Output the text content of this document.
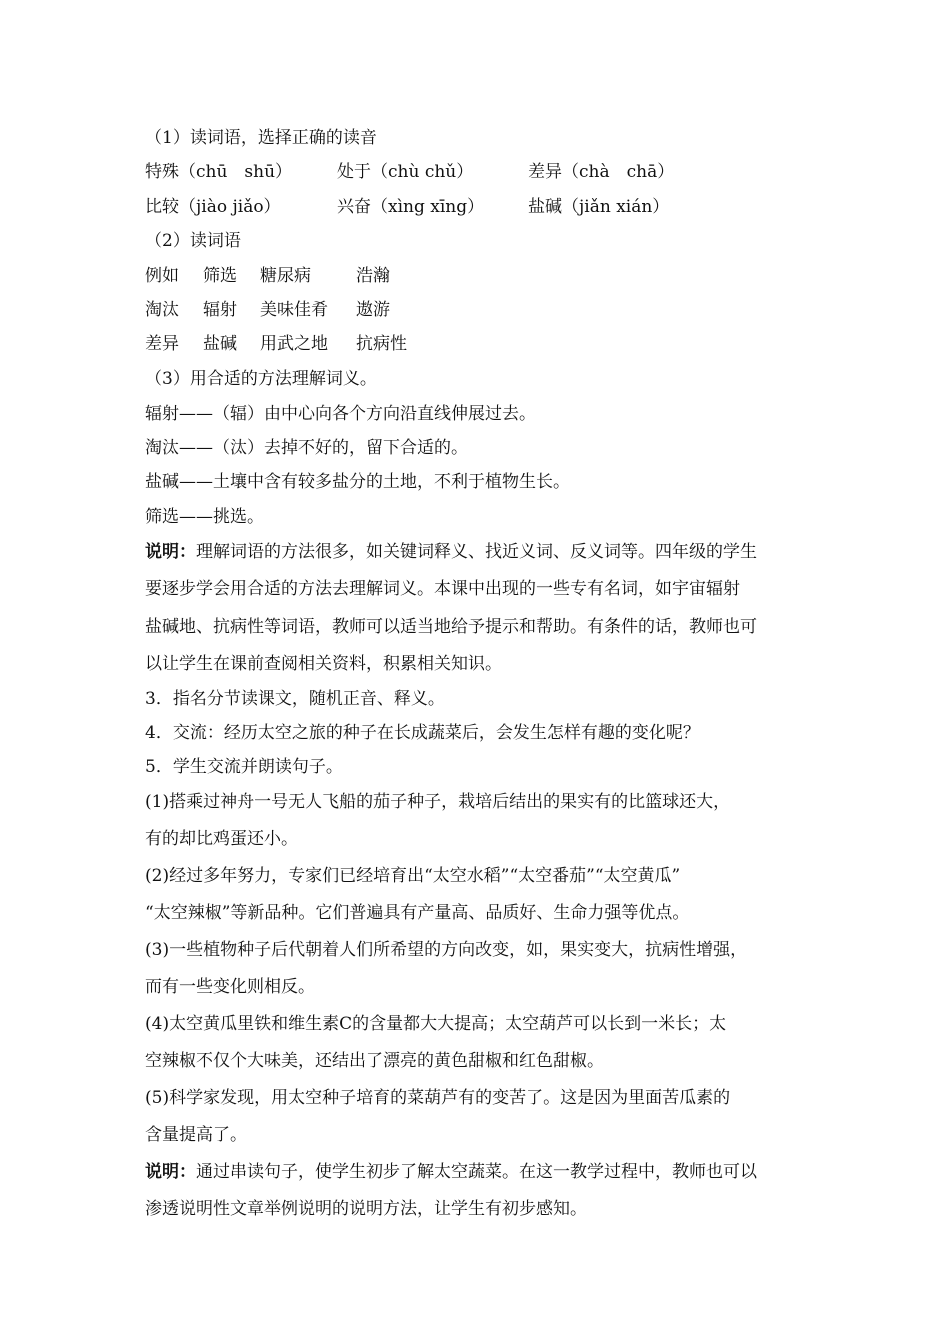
（1）读词语，选择正确的读音
特殊（chū　shū）	处于（chù chǔ）	差异（chà　chā）
比较（jiào jiǎo）	兴奋（xìng xīng）	盐碱（jiǎn xián）
（2）读词语
例如 筛选 糖尿病	浩瀚
淘汰 辐射 美味佳肴 遨游
差异 盐碱 用武之地 抗病性
（3）用合适的方法理解词义。
辐射——（辐）由中心向各个方向沿直线伸展过去。
淘汰——（汰）去掉不好的，留下合适的。
盐碱——土壤中含有较多盐分的土地，不利于植物生长。
筛选——挑选。
说明：理解词语的方法很多，如关键词释义、找近义词、反义词等。四年级的学生
要逐步学会用合适的方法去理解词义。本课中出现的一些专有名词，如宇宙辐射
盐碱地、抗病性等词语，教师可以适当地给予提示和帮助。有条件的话，教师也可
以让学生在课前查阅相关资料，积累相关知识。
3．指名分节读课文，随机正音、释义。
4．交流：经历太空之旅的种子在长成蔬菜后，会发生怎样有趣的变化呢？
5．学生交流并朗读句子。
(1)搭乘过神舟一号无人飞船的茄子种子，栽培后结出的果实有的比篮球还大，
有的却比鸡蛋还小。
(2)经过多年努力，专家们已经培育出“太空水稻”“太空番茄”“太空黄瓜”
“太空辣椒”等新品种。它们普遍具有产量高、品质好、生命力强等优点。
(3)一些植物种子后代朝着人们所希望的方向改变，如，果实变大，抗病性增强，
而有一些变化则相反。
(4)太空黄瓜里铁和维生素C的含量都大大提高；太空葫芦可以长到一米长；太
空辣椒不仅个大味美，还结出了漂亮的黄色甜椒和红色甜椒。
(5)科学家发现，用太空种子培育的菜葫芦有的变苦了。这是因为里面苦瓜素的
含量提高了。
说明：通过串读句子，使学生初步了解太空蔬菜。在这一教学过程中，教师也可以
渗透说明性文章举例说明的说明方法，让学生有初步感知。
